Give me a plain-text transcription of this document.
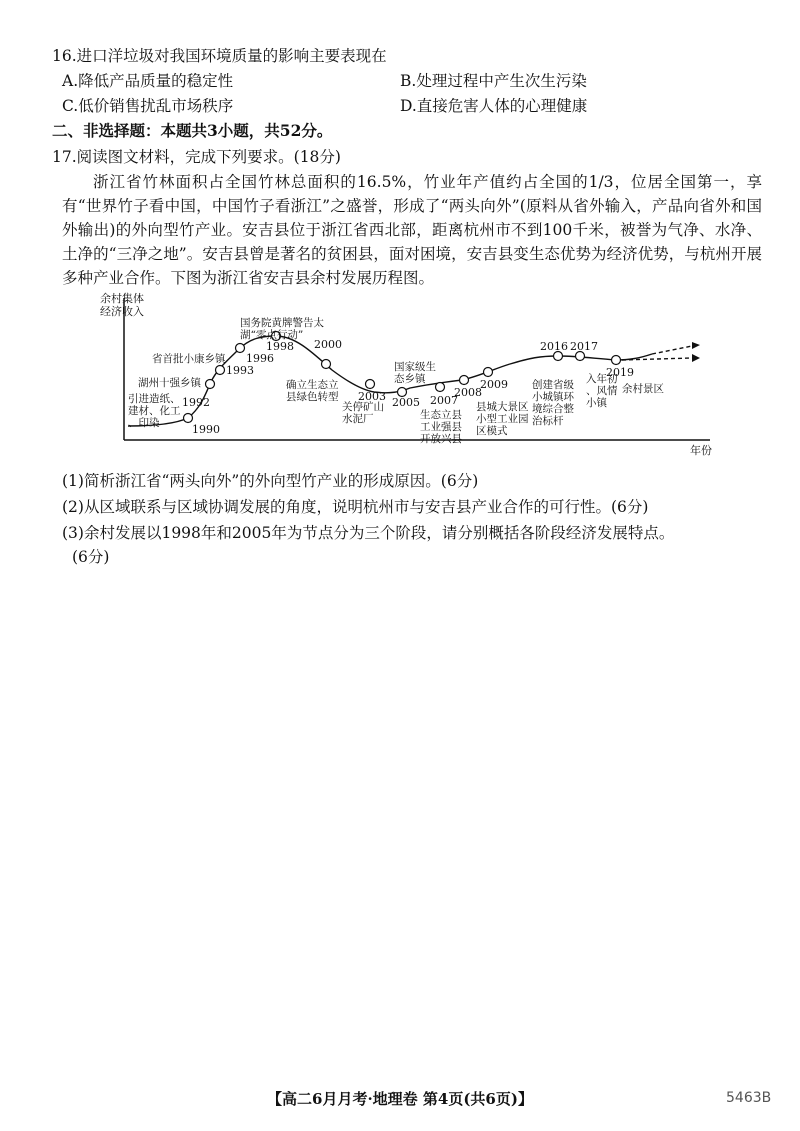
16.进口洋垃圾对我国环境质量的影响主要表现在
A.降低产品质量的稳定性	B.处理过程中产生次生污染
C.低价销售扰乱市场秩序	D.直接危害人体的心理健康
二、非选择题：本题共3小题，共52分。
17.阅读图文材料，完成下列要求。(18分)
浙江省竹林面积占全国竹林总面积的16.5%，竹业年产值约占全国的1/3，位居全国第一，享有“世界竹子看中国，中国竹子看浙江”之盛誉，形成了“两头向外”(原料从省外输入，产品向省外和国外输出)的外向型竹产业。安吉县位于浙江省西北部，距离杭州市不到100千米，被誉为气净、水净、土净的“三净之地”。安吉县曾是著名的贫困县，面对困境，安吉县变生态优势为经济优势，与杭州开展多种产业合作。下图为浙江省安吉县余村发展历程图。
余村集体 经济收入
年份
1990
1992
1993
1996
1998 2000
2003 2005 2007
2008
2009
2016 2017
2019
引进造纸、建材、化工、印染
湖州十强乡镇
省首批小康乡镇
国务院黄牌警告太湖“零点行动”
确立生态立县绿色转型
关停矿山水泥厂
国家级生态乡镇
生态立县工业强县开放兴县
县城大景区小型工业园区模式
创建省级小城镇环境综合整治标杆
入年初、风情小镇
余村景区
(1)简析浙江省“两头向外”的外向型竹产业的形成原因。(6分)
(2)从区域联系与区域协调发展的角度，说明杭州市与安吉县产业合作的可行性。(6分)
(3)余村发展以1998年和2005年为节点分为三个阶段，请分别概括各阶段经济发展特点。
(6分)
【高二6月月考·地理卷 第4页(共6页)】	5463B
